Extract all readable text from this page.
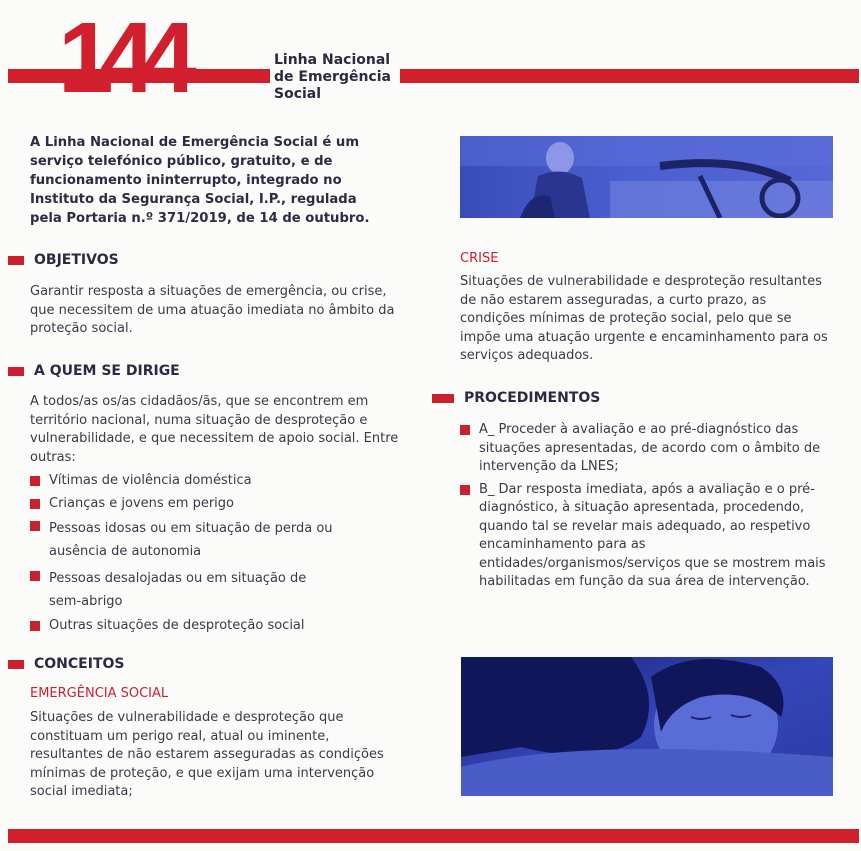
144	Linha Nacional
de Emergência
Social
A Linha Nacional de Emergência Social é um serviço telefónico público, gratuito, e de funcionamento ininterrupto, integrado no Instituto da Segurança Social, I.P., regulada pela Portaria n.º 371/2019, de 14 de outubro.
OBJETIVOS
Garantir resposta a situações de emergência, ou crise, que necessitem de uma atuação imediata no âmbito da proteção social.
A QUEM SE DIRIGE
A todos/as os/as cidadãos/ãs, que se encontrem em território nacional, numa situação de desproteção e vulnerabilidade, e que necessitem de apoio social. Entre outras:
Vítimas de violência doméstica
Crianças e jovens em perigo
Pessoas idosas ou em situação de perda ou ausência de autonomia
Pessoas desalojadas ou em situação de sem-abrigo
Outras situações de desproteção social
CONCEITOS
EMERGÊNCIA SOCIAL
Situações de vulnerabilidade e desproteção que constituam um perigo real, atual ou iminente, resultantes de não estarem asseguradas as condições mínimas de proteção, e que exijam uma intervenção social imediata;
CRISE
Situações de vulnerabilidade e desproteção resultantes de não estarem asseguradas, a curto prazo, as condições mínimas de proteção social, pelo que se impõe uma atuação urgente e encaminhamento para os serviços adequados.
PROCEDIMENTOS
A_ Proceder à avaliação e ao pré-diagnóstico das situações apresentadas, de acordo com o âmbito de intervenção da LNES;
B_ Dar resposta imediata, após a avaliação e o pré-diagnóstico, à situação apresentada, procedendo, quando tal se revelar mais adequado, ao respetivo encaminhamento para as entidades/organismos/serviços que se mostrem mais habilitadas em função da sua área de intervenção.
